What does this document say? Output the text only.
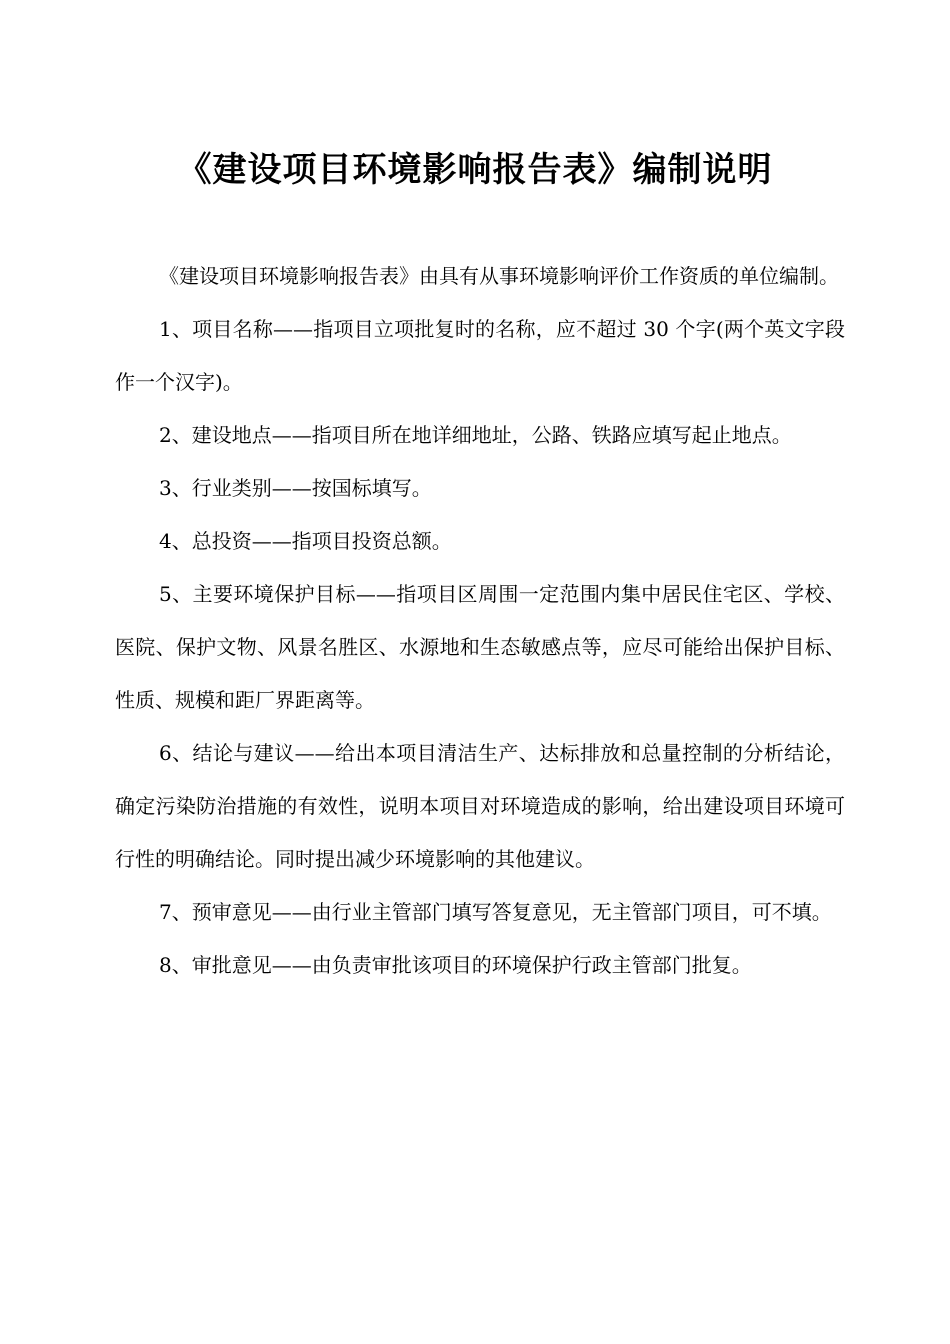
《建设项目环境影响报告表》编制说明

《建设项目环境影响报告表》由具有从事环境影响评价工作资质的单位编制。

1、项目名称——指项目立项批复时的名称，应不超过 30 个字(两个英文字段作一个汉字)。

2、建设地点——指项目所在地详细地址，公路、铁路应填写起止地点。

3、行业类别——按国标填写。

4、总投资——指项目投资总额。

5、主要环境保护目标——指项目区周围一定范围内集中居民住宅区、学校、医院、保护文物、风景名胜区、水源地和生态敏感点等，应尽可能给出保护目标、性质、规模和距厂界距离等。

6、结论与建议——给出本项目清洁生产、达标排放和总量控制的分析结论，确定污染防治措施的有效性，说明本项目对环境造成的影响，给出建设项目环境可行性的明确结论。同时提出减少环境影响的其他建议。

7、预审意见——由行业主管部门填写答复意见，无主管部门项目，可不填。

8、审批意见——由负责审批该项目的环境保护行政主管部门批复。
